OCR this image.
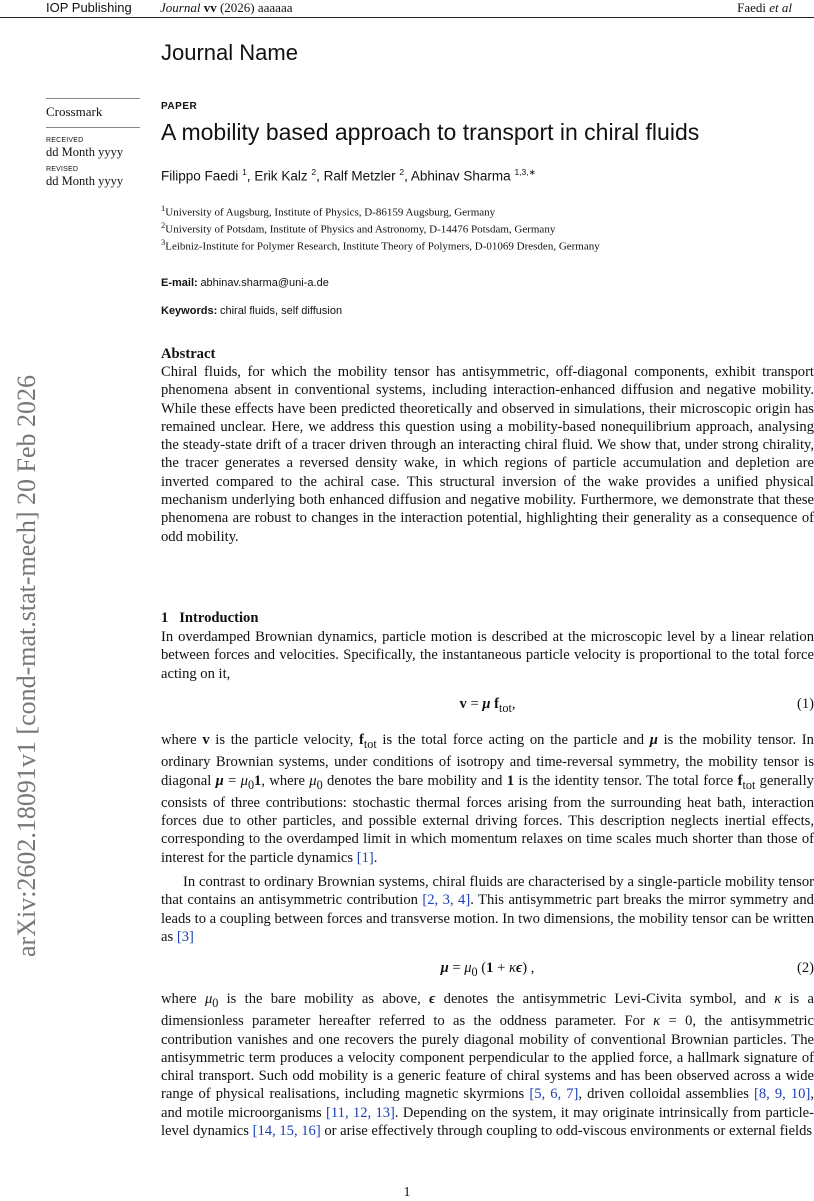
IOP Publishing Journal vv (2026) aaaaaa	Faedi et al
Journal Name
Crossmark
RECEIVED
dd Month yyyy
REVISED
dd Month yyyy
arXiv:2602.18091v1 [cond-mat.stat-mech] 20 Feb 2026
PAPER
A mobility based approach to transport in chiral fluids
Filippo Faedi $^1$, Erik Kalz $^2$, Ralf Metzler $^2$, Abhinav Sharma $^{1,3,∗}$
$^1$University of Augsburg, Institute of Physics, D-86159 Augsburg, Germany
$^2$University of Potsdam, Institute of Physics and Astronomy, D-14476 Potsdam, Germany
$^3$Leibniz-Institute for Polymer Research, Institute Theory of Polymers, D-01069 Dresden, Germany
E-mail: abhinav.sharma@uni-a.de
Keywords: chiral fluids, self diffusion
Abstract
Chiral fluids, for which the mobility tensor has antisymmetric, off-diagonal components, exhibit transport phenomena absent in conventional systems, including interaction-enhanced diffusion and negative mobility. While these effects have been predicted theoretically and observed in simulations, their microscopic origin has remained unclear. Here, we address this question using a mobility-based nonequilibrium approach, analysing the steady-state drift of a tracer driven through an interacting chiral fluid. We show that, under strong chirality, the tracer generates a reversed density wake, in which regions of particle accumulation and depletion are inverted compared to the achiral case. This structural inversion of the wake provides a unified physical mechanism underlying both enhanced diffusion and negative mobility. Furthermore, we demonstrate that these phenomena are robust to changes in the interaction potential, highlighting their generality as a consequence of odd mobility.
1 Introduction
In overdamped Brownian dynamics, particle motion is described at the microscopic level by a linear relation between forces and velocities. Specifically, the instantaneous particle velocity is proportional to the total force acting on it,
v = μ $f_{tot}$,	(1)
where v is the particle velocity, $f_{tot}$ is the total force acting on the particle and μ is the mobility tensor. In ordinary Brownian systems, under conditions of isotropy and time-reversal symmetry, the mobility tensor is diagonal $\mu = \mu_01$, where $\mu_0$ denotes the bare mobility and 1 is the identity tensor. The total force $f_{tot}$ generally consists of three contributions: stochastic thermal forces arising from the surrounding heat bath, interaction forces due to other particles, and possible external driving forces. This description neglects inertial effects, corresponding to the overdamped limit in which momentum relaxes on time scales much shorter than those of interest for the particle dynamics [1].
In contrast to ordinary Brownian systems, chiral fluids are characterised by a single-particle mobility tensor that contains an antisymmetric contribution [2, 3, 4]. This antisymmetric part breaks the mirror symmetry and leads to a coupling between forces and transverse motion. In two dimensions, the mobility tensor can be written as [3]
$\mu = \mu_0$ (1 + κϵ) ,	(2)
where $\mu_0$ is the bare mobility as above, ϵ denotes the antisymmetric Levi-Civita symbol, and κ is a dimensionless parameter hereafter referred to as the oddness parameter. For κ = 0, the antisymmetric contribution vanishes and one recovers the purely diagonal mobility of conventional Brownian particles. The antisymmetric term produces a velocity component perpendicular to the applied force, a hallmark signature of chiral transport. Such odd mobility is a generic feature of chiral systems and has been observed across a wide range of physical realisations, including magnetic skyrmions [5, 6, 7], driven colloidal assemblies [8, 9, 10], and motile microorganisms [11, 12, 13]. Depending on the system, it may originate intrinsically from particle-level dynamics [14, 15, 16] or arise effectively through coupling to odd-viscous environments or external fields
1
